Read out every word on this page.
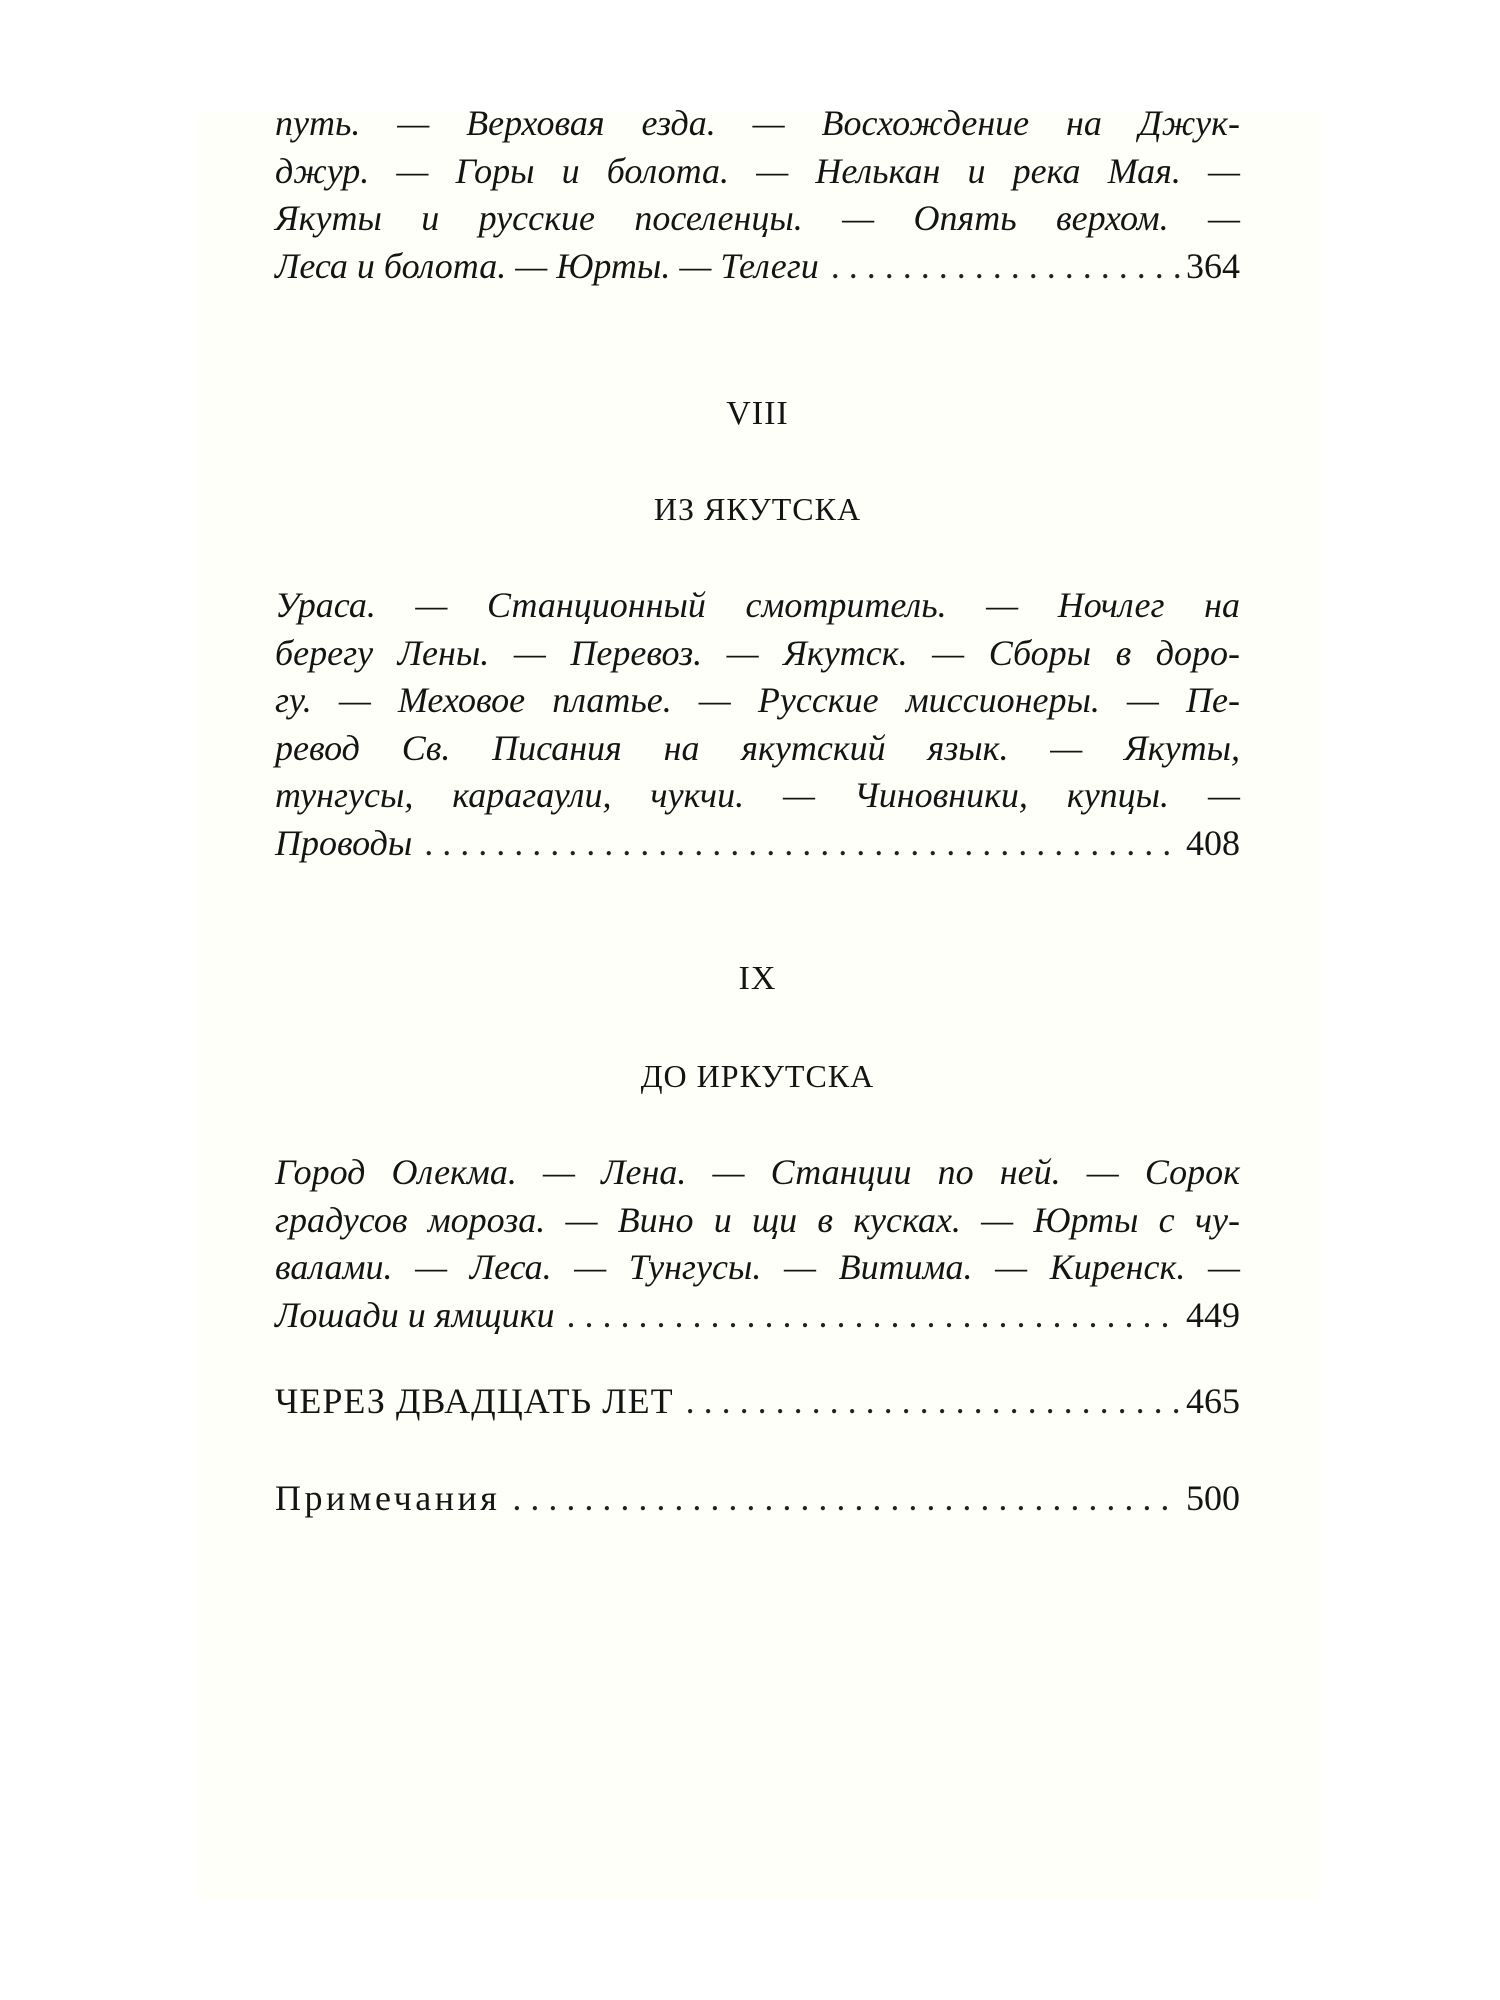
путь. — Верховая езда. — Восхождение на Джук-
джур. — Горы и болота. — Нелькан и река Мая. —
Якуты и русские поселенцы. — Опять верхом. —
Леса и болота. — Юрты. — Телеги . . .	364
VIII
ИЗ ЯКУТСКА
Ураса. — Станционный смотритель. — Ночлег на
берегу Лены. — Перевоз. — Якутск. — Сборы в доро-
гу. — Меховое платье. — Русские миссионеры. — Пе-
ревод Св. Писания на якутский язык. — Якуты,
тунгусы, карагаули, чукчи. — Чиновники, купцы. —
Проводы . . .	408
IX
ДО ИРКУТСКА
Город Олекма. — Лена. — Станции по ней. — Сорок
градусов мороза. — Вино и щи в кусках. — Юрты с чу-
валами. — Леса. — Тунгусы. — Витима. — Киренск. —
Лошади и ямщики . . .	449
ЧЕРЕЗ ДВАДЦАТЬ ЛЕТ . . .	465
Примечания . . .	500
